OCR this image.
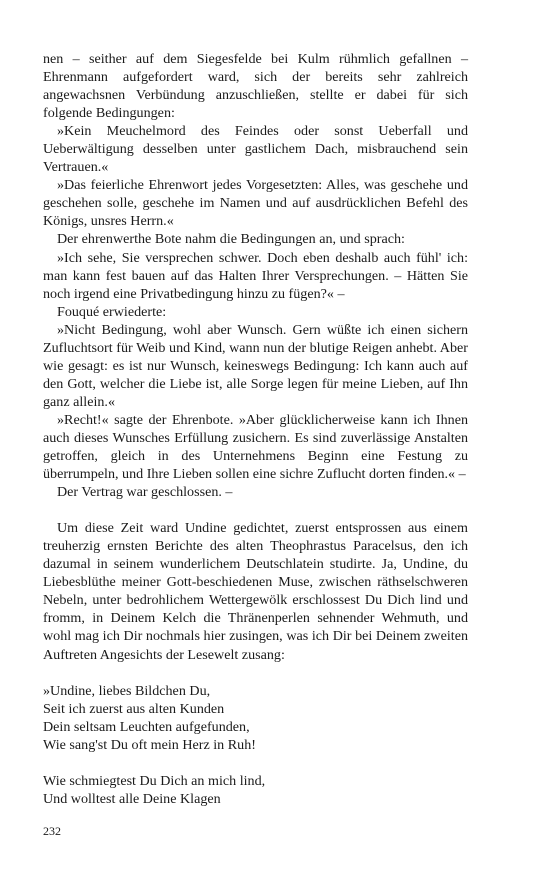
nen – seither auf dem Siegesfelde bei Kulm rühmlich gefallnen – Ehrenmann aufgefordert ward, sich der bereits sehr zahlreich angewachsnen Verbündung anzuschließen, stellte er dabei für sich folgende Bedingungen:

»Kein Meuchelmord des Feindes oder sonst Ueberfall und Ueberwältigung desselben unter gastlichem Dach, misbrauchend sein Vertrauen.«

»Das feierliche Ehrenwort jedes Vorgesetzten: Alles, was geschehe und geschehen solle, geschehe im Namen und auf ausdrücklichen Befehl des Königs, unsres Herrn.«

Der ehrenwerthe Bote nahm die Bedingungen an, und sprach:

»Ich sehe, Sie versprechen schwer. Doch eben deshalb auch fühl' ich: man kann fest bauen auf das Halten Ihrer Versprechungen. – Hätten Sie noch irgend eine Privatbedingung hinzu zu fügen?« –

Fouqué erwiederte:

»Nicht Bedingung, wohl aber Wunsch. Gern wüßte ich einen sichern Zufluchtsort für Weib und Kind, wann nun der blutige Reigen anhebt. Aber wie gesagt: es ist nur Wunsch, keineswegs Bedingung: Ich kann auch auf den Gott, welcher die Liebe ist, alle Sorge legen für meine Lieben, auf Ihn ganz allein.«

»Recht!« sagte der Ehrenbote. »Aber glücklicherweise kann ich Ihnen auch dieses Wunsches Erfüllung zusichern. Es sind zuverlässige Anstalten getroffen, gleich in des Unternehmens Beginn eine Festung zu überrumpeln, und Ihre Lieben sollen eine sichre Zuflucht dorten finden.« –

Der Vertrag war geschlossen. –

Um diese Zeit ward Undine gedichtet, zuerst entsprossen aus einem treuherzig ernsten Berichte des alten Theophrastus Paracelsus, den ich dazumal in seinem wunderlichem Deutschlatein studirte. Ja, Undine, du Liebesblüthe meiner Gott-beschiedenen Muse, zwischen räthselschweren Nebeln, unter bedrohlichem Wettergewölk erschlossest Du Dich lind und fromm, in Deinem Kelch die Thränenperlen sehnender Wehmuth, und wohl mag ich Dir nochmals hier zusingen, was ich Dir bei Deinem zweiten Auftreten Angesichts der Lesewelt zusang:

»Undine, liebes Bildchen Du,
Seit ich zuerst aus alten Kunden
Dein seltsam Leuchten aufgefunden,
Wie sang'st Du oft mein Herz in Ruh!
Wie schmiegtest Du Dich an mich lind,
Und wolltest alle Deine Klagen
232
